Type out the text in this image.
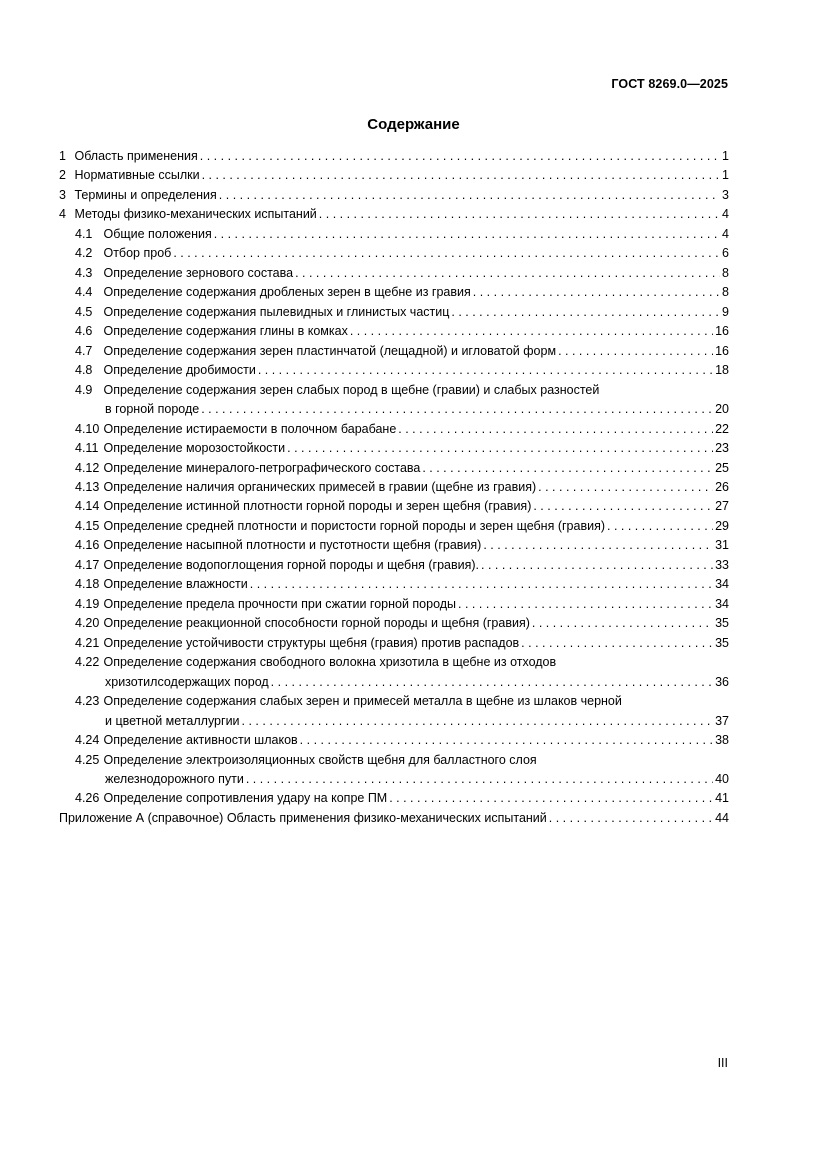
ГОСТ 8269.0—2025
Содержание
1 Область применения . . .	1
2 Нормативные ссылки . . .	1
3 Термины и определения . . .	3
4 Методы физико-механических испытаний . . .	4
4.1 Общие положения . . .	4
4.2 Отбор проб . . .	6
4.3 Определение зернового состава . . .	8
4.4 Определение содержания дробленых зерен в щебне из гравия . . .	8
4.5 Определение содержания пылевидных и глинистых частиц . . .	9
4.6 Определение содержания глины в комках . . .	16
4.7 Определение содержания зерен пластинчатой (лещадной) и игловатой форм . . .	16
4.8 Определение дробимости . . .	18
4.9 Определение содержания зерен слабых пород в щебне (гравии) и слабых разностей
в горной породе . . .	20
4.10 Определение истираемости в полочном барабане . . .	22
4.11 Определение морозостойкости . . .	23
4.12 Определение минералого-петрографического состава . . .	25
4.13 Определение наличия органических примесей в гравии (щебне из гравия) . . .	26
4.14 Определение истинной плотности горной породы и зерен щебня (гравия) . . .	27
4.15 Определение средней плотности и пористости горной породы и зерен щебня (гравия) . . .	29
4.16 Определение насыпной плотности и пустотности щебня (гравия) . . .	31
4.17 Определение водопоглощения горной породы и щебня (гравия). . . .	33
4.18 Определение влажности . . .	34
4.19 Определение предела прочности при сжатии горной породы . . .	34
4.20 Определение реакционной способности горной породы и щебня (гравия) . . .	35
4.21 Определение устойчивости структуры щебня (гравия) против распадов . . .	35
4.22 Определение содержания свободного волокна хризотила в щебне из отходов
хризотилсодержащих пород . . .	36
4.23 Определение содержания слабых зерен и примесей металла в щебне из шлаков черной
и цветной металлургии . . .	37
4.24 Определение активности шлаков . . .	38
4.25 Определение электроизоляционных свойств щебня для балластного слоя
железнодорожного пути . . .	40
4.26 Определение сопротивления удару на копре ПМ . . .	41
Приложение А (справочное) Область применения физико-механических испытаний . . .	44
III
